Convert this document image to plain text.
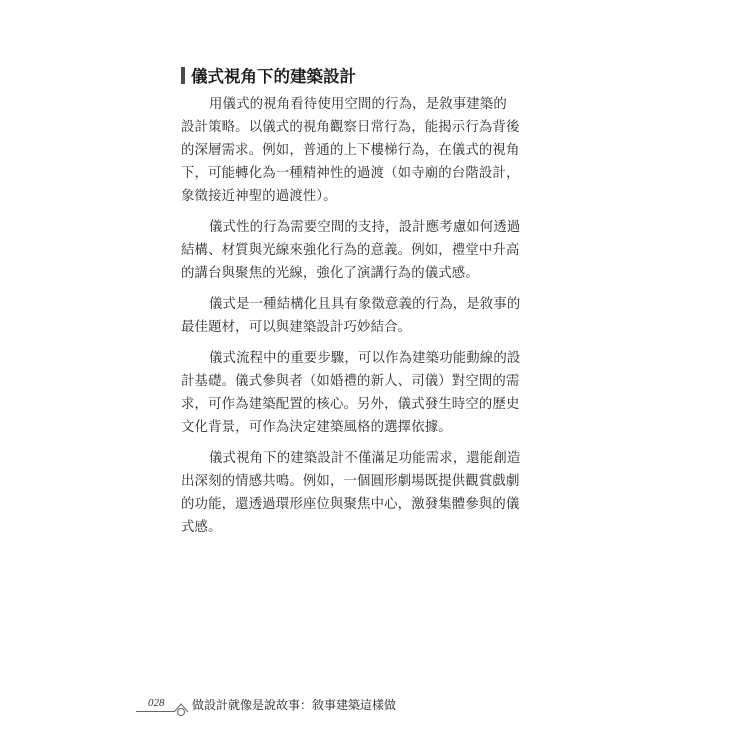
儀式視角下的建築設計
用儀式的視角看待使用空間的行為，是敘事建築的
設計策略。以儀式的視角觀察日常行為，能揭示行為背後
的深層需求。例如，普通的上下樓梯行為，在儀式的視角
下，可能轉化為一種精神性的過渡（如寺廟的台階設計，
象徵接近神聖的過渡性）。
儀式性的行為需要空間的支持，設計應考慮如何透過
結構、材質與光線來強化行為的意義。例如，禮堂中升高
的講台與聚焦的光線，強化了演講行為的儀式感。
儀式是一種結構化且具有象徵意義的行為，是敘事的
最佳題材，可以與建築設計巧妙結合。
儀式流程中的重要步驟，可以作為建築功能動線的設
計基礎。儀式參與者（如婚禮的新人、司儀）對空間的需
求，可作為建築配置的核心。另外，儀式發生時空的歷史
文化背景，可作為決定建築風格的選擇依據。
儀式視角下的建築設計不僅滿足功能需求，還能創造
出深刻的情感共鳴。例如，一個圓形劇場既提供觀賞戲劇
的功能，還透過環形座位與聚焦中心，激發集體參與的儀
式感。
028 做設計就像是說故事：敘事建築這樣做
